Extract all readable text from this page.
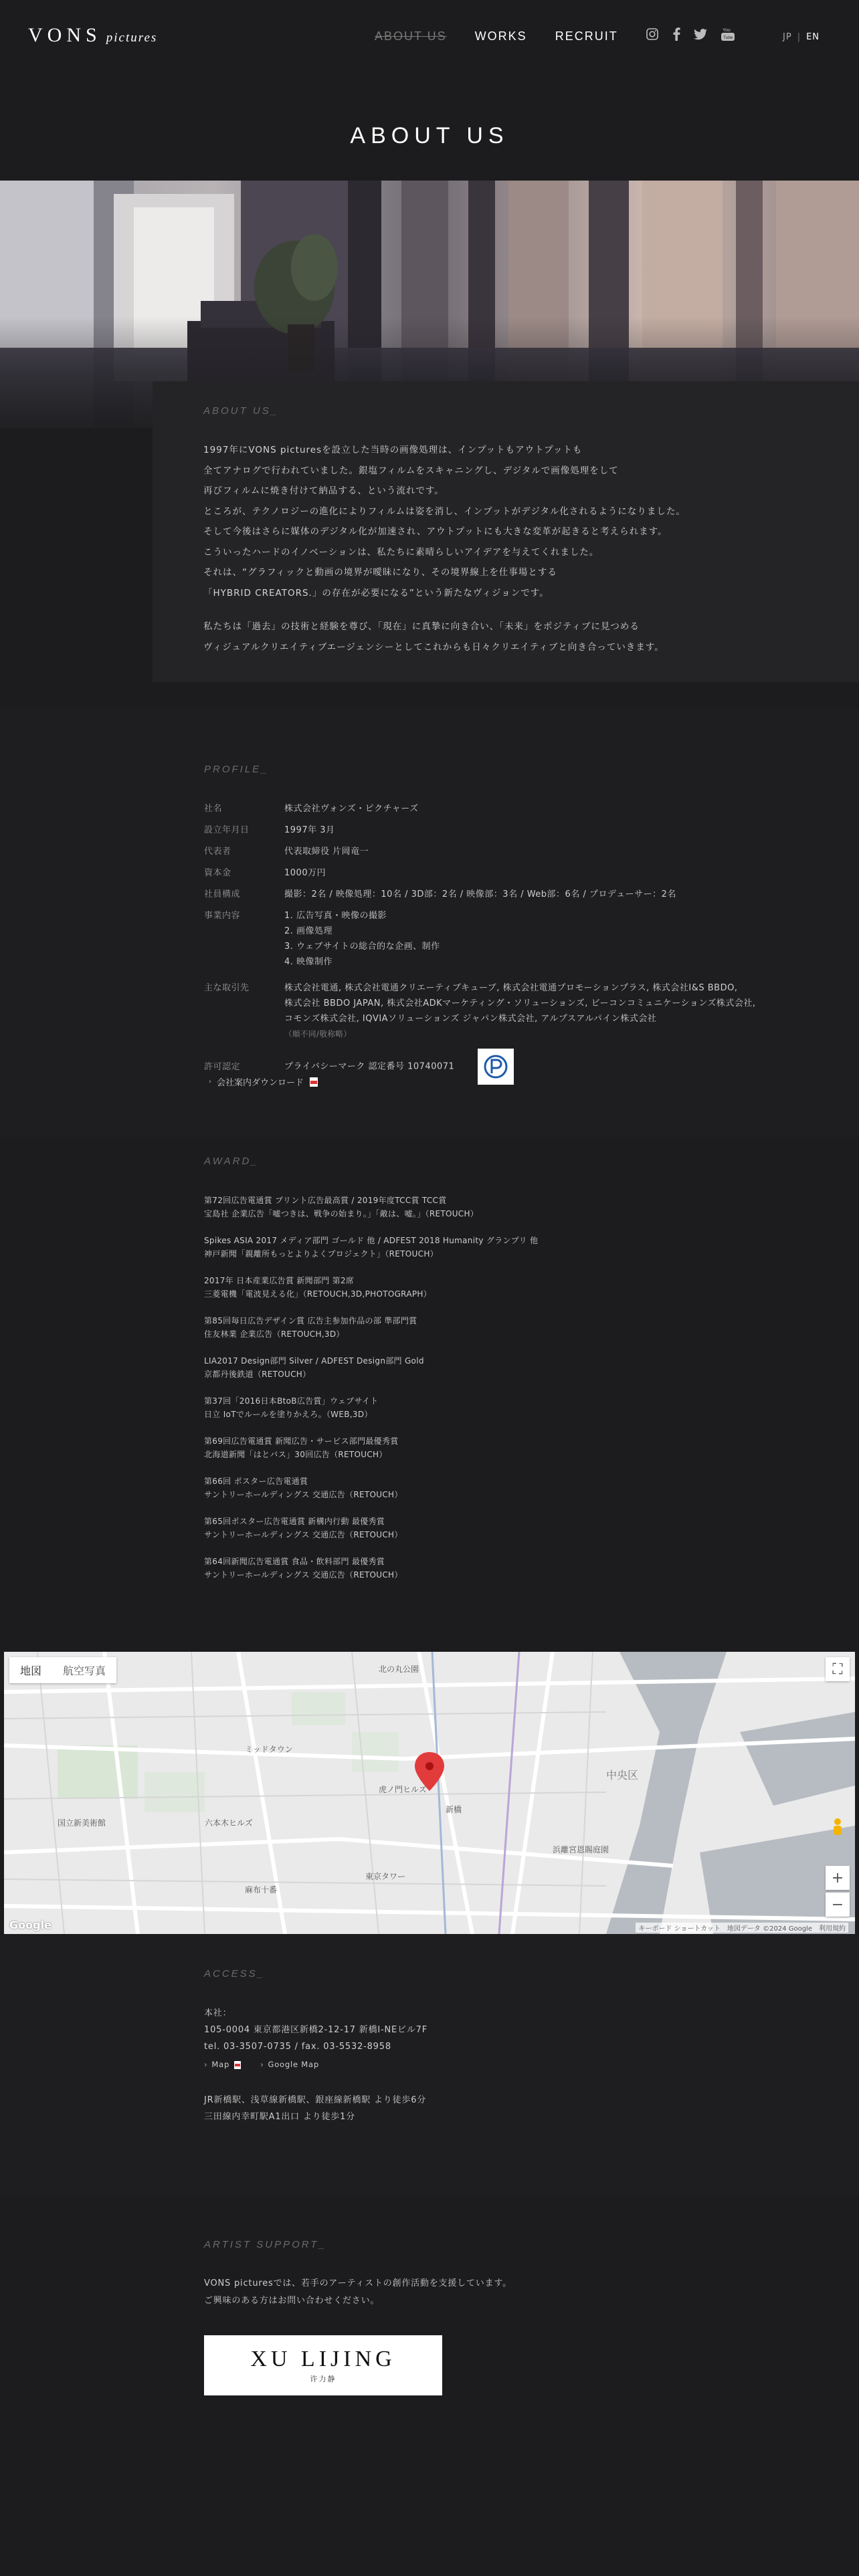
VONS pictures	ABOUT US WORKS RECRUIT	You
Tube	JP | EN
ABOUT US
ABOUT US_
1997年にVONS picturesを設立した当時の画像処理は、インプットもアウトプットも
全てアナログで行われていました。銀塩フィルムをスキャニングし、デジタルで画像処理をして
再びフィルムに焼き付けて納品する、という流れです。
ところが、テクノロジーの進化によりフィルムは姿を消し、インプットがデジタル化されるようになりました。
そして今後はさらに媒体のデジタル化が加速され、アウトプットにも大きな変革が起きると考えられます。
こういったハードのイノベーションは、私たちに素晴らしいアイデアを与えてくれました。
それは、“グラフィックと動画の境界が曖昧になり、その境界線上を仕事場とする
「HYBRID CREATORS.」の存在が必要になる”という新たなヴィジョンです。
私たちは「過去」の技術と経験を尊び、「現在」に真摯に向き合い、「未来」をポジティブに見つめる
ヴィジュアルクリエイティブエージェンシーとしてこれからも日々クリエイティブと向き合っていきます。
PROFILE_
社名	株式会社ヴォンズ・ピクチャーズ
設立年月日	1997年 3月
代表者	代表取締役 片岡竜一
資本金	1000万円
社員構成	撮影：2名 / 映像処理：10名 / 3D部：2名 / 映像部：3名 / Web部：6名 / プロデューサー：2名
事業内容	1. 広告写真・映像の撮影
2. 画像処理
3. ウェブサイトの総合的な企画、制作
4. 映像制作
主な取引先	株式会社電通, 株式会社電通クリエーティブキューブ, 株式会社電通プロモーションプラス, 株式会社I&S BBDO,
株式会社 BBDO JAPAN, 株式会社ADKマーケティング・ソリューションズ, ビーコンコミュニケーションズ株式会社,
コモンズ株式会社, IQVIAソリューションズ ジャパン株式会社, アルプスアルパイン株式会社
（順不同/敬称略）
許可認定	プライバシーマーク 認定番号 10740071
› 会社案内ダウンロード
AWARD_
第72回広告電通賞 プリント広告最高賞 / 2019年度TCC賞 TCC賞
宝島社 企業広告「嘘つきは、戦争の始まり。」「敵は、嘘。」（RETOUCH）
Spikes ASIA 2017 メディア部門 ゴールド 他 / ADFEST 2018 Humanity グランプリ 他
神戸新聞「親離所もっとよりよくプロジェクト」（RETOUCH）
2017年 日本産業広告賞 新聞部門 第2席
三菱電機「電波見える化」（RETOUCH,3D,PHOTOGRAPH）
第85回毎日広告デザイン賞 広告主参加作品の部 準部門賞
住友林業 企業広告（RETOUCH,3D）
LIA2017 Design部門 Silver / ADFEST Design部門 Gold
京都丹後鉄道（RETOUCH）
第37回「2016日本BtoB広告賞」ウェブサイト
日立 IoTでルールを塗りかえろ。（WEB,3D）
第69回広告電通賞 新聞広告・サービス部門最優秀賞
北海道新聞「はとバス」30回広告（RETOUCH）
第66回 ポスター広告電通賞
サントリーホールディングス 交通広告（RETOUCH）
第65回ポスター広告電通賞 新構内行動 最優秀賞
サントリーホールディングス 交通広告（RETOUCH）
第64回新聞広告電通賞 食品・飲料部門 最優秀賞
サントリーホールディングス 交通広告（RETOUCH）
六本木ヒルズ
新橋
中央区
東京タワー
虎ノ門ヒルズ
北の丸公園
浜離宮恩賜庭園
国立新美術館
麻布十番
ミッドタウン
地図	航空写真	⛶
+
−
Google	キーボード ショートカット　地図データ ©2024 Google　利用規約
ACCESS_
本社：
105-0004 東京都港区新橋2-12-17 新橋I-NEビル7F
tel. 03-3507-0735 / fax. 03-5532-8958
› Map	› Google Map
JR新橋駅、浅草線新橋駅、銀座線新橋駅 より徒歩6分
三田線内幸町駅A1出口 より徒歩1分
ARTIST SUPPORT_
VONS picturesでは、若手のアーティストの創作活動を支援しています。
ご興味のある方はお問い合わせください。
XU LIJING
许力静
